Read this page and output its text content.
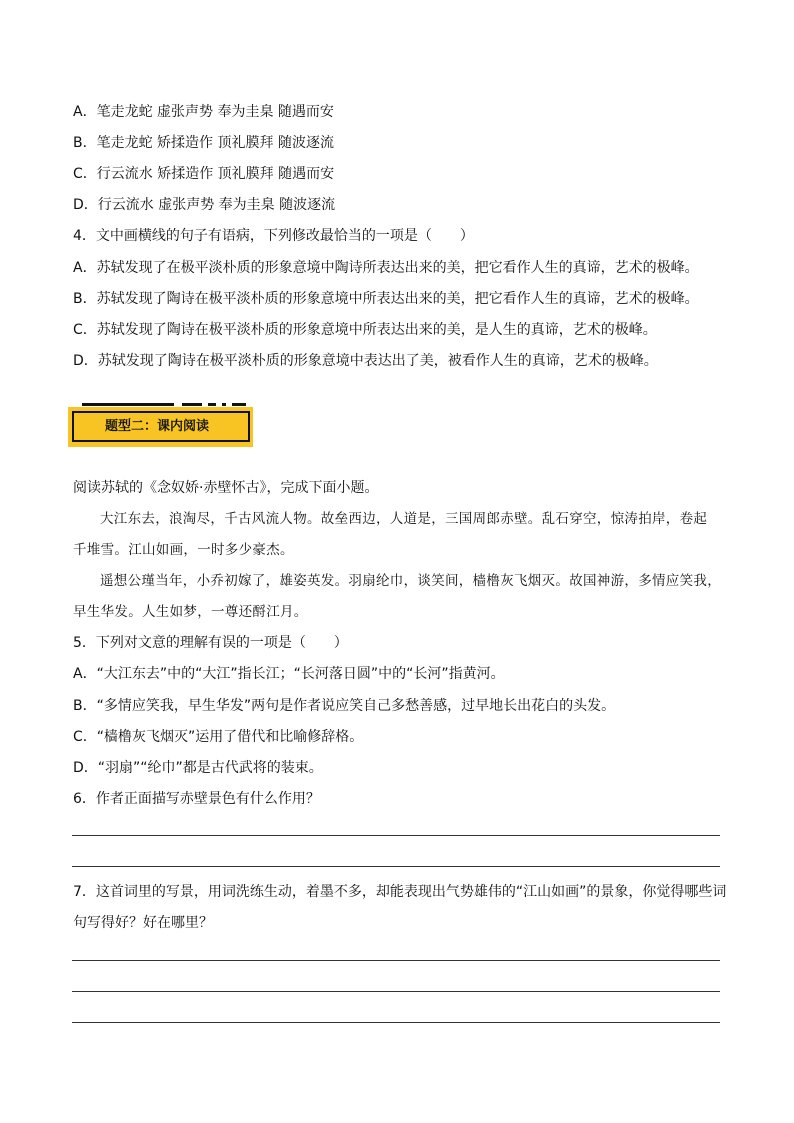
A．笔走龙蛇 虚张声势 奉为圭臬 随遇而安
B．笔走龙蛇 矫揉造作 顶礼膜拜 随波逐流
C．行云流水 矫揉造作 顶礼膜拜 随遇而安
D．行云流水 虚张声势 奉为圭臬 随波逐流
4．文中画横线的句子有语病，下列修改最恰当的一项是（　　）
A．苏轼发现了在极平淡朴质的形象意境中陶诗所表达出来的美，把它看作人生的真谛，艺术的极峰。
B．苏轼发现了陶诗在极平淡朴质的形象意境中所表达出来的美，把它看作人生的真谛，艺术的极峰。
C．苏轼发现了陶诗在极平淡朴质的形象意境中所表达出来的美，是人生的真谛，艺术的极峰。
D．苏轼发现了陶诗在极平淡朴质的形象意境中表达出了美，被看作人生的真谛，艺术的极峰。
题型二：课内阅读
阅读苏轼的《念奴娇·赤壁怀古》，完成下面小题。
大江东去，浪淘尽，千古风流人物。故垒西边，人道是，三国周郎赤壁。乱石穿空，惊涛拍岸，卷起
千堆雪。江山如画，一时多少豪杰。
遥想公瑾当年，小乔初嫁了，雄姿英发。羽扇纶巾，谈笑间，樯橹灰飞烟灭。故国神游，多情应笑我，
早生华发。人生如梦，一尊还酹江月。
5．下列对文意的理解有误的一项是（　　）
A．“大江东去”中的“大江”指长江；“长河落日圆”中的“长河”指黄河。
B．“多情应笑我，早生华发”两句是作者说应笑自己多愁善感，过早地长出花白的头发。
C．“樯橹灰飞烟灭”运用了借代和比喻修辞格。
D．“羽扇”“纶巾”都是古代武将的装束。
6．作者正面描写赤壁景色有什么作用？
7．这首词里的写景，用词洗练生动，着墨不多，却能表现出气势雄伟的“江山如画”的景象，你觉得哪些词
句写得好？好在哪里？
